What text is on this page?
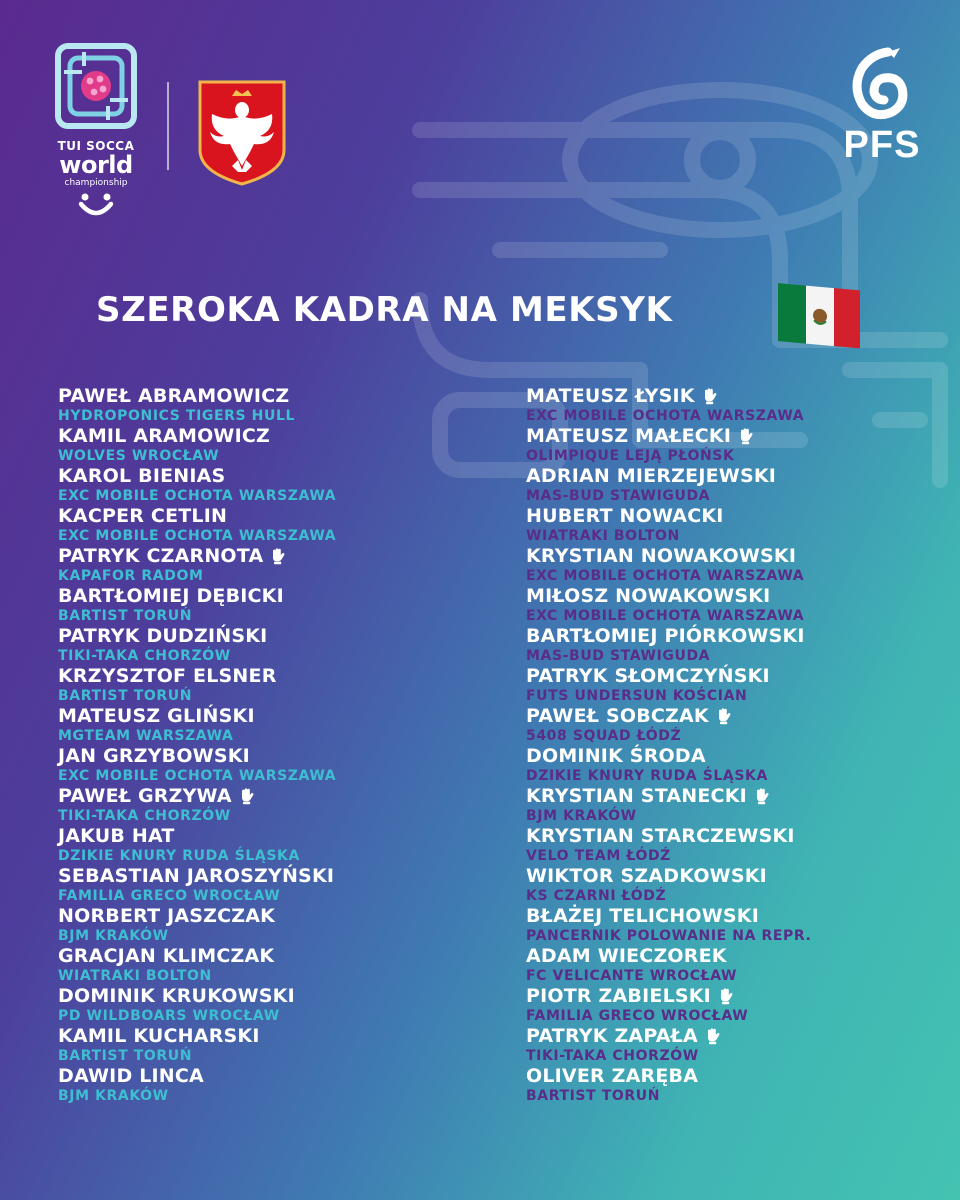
TUI SOCCA
world
championship
PFS
SZEROKA KADRA NA MEKSYK
PAWEŁ ABRAMOWICZ
HYDROPONICS TIGERS HULL
KAMIL ARAMOWICZ
WOLVES WROCŁAW
KAROL BIENIAS
EXC MOBILE OCHOTA WARSZAWA
KACPER CETLIN
EXC MOBILE OCHOTA WARSZAWA
PATRYK CZARNOTA
KAPAFOR RADOM
BARTŁOMIEJ DĘBICKI
BARTIST TORUŃ
PATRYK DUDZIŃSKI
TIKI-TAKA CHORZÓW
KRZYSZTOF ELSNER
BARTIST TORUŃ
MATEUSZ GLIŃSKI
MGTEAM WARSZAWA
JAN GRZYBOWSKI
EXC MOBILE OCHOTA WARSZAWA
PAWEŁ GRZYWA
TIKI-TAKA CHORZÓW
JAKUB HAT
DZIKIE KNURY RUDA ŚLĄSKA
SEBASTIAN JAROSZYŃSKI
FAMILIA GRECO WROCŁAW
NORBERT JASZCZAK
BJM KRAKÓW
GRACJAN KLIMCZAK
WIATRAKI BOLTON
DOMINIK KRUKOWSKI
PD WILDBOARS WROCŁAW
KAMIL KUCHARSKI
BARTIST TORUŃ
DAWID LINCA
BJM KRAKÓW
MATEUSZ ŁYSIK
EXC MOBILE OCHOTA WARSZAWA
MATEUSZ MAŁECKI
OLIMPIQUE LEJĄ PŁOŃSK
ADRIAN MIERZEJEWSKI
MAS-BUD STAWIGUDA
HUBERT NOWACKI
WIATRAKI BOLTON
KRYSTIAN NOWAKOWSKI
EXC MOBILE OCHOTA WARSZAWA
MIŁOSZ NOWAKOWSKI
EXC MOBILE OCHOTA WARSZAWA
BARTŁOMIEJ PIÓRKOWSKI
MAS-BUD STAWIGUDA
PATRYK SŁOMCZYŃSKI
FUTS UNDERSUN KOŚCIAN
PAWEŁ SOBCZAK
5408 SQUAD ŁÓDŹ
DOMINIK ŚRODA
DZIKIE KNURY RUDA ŚLĄSKA
KRYSTIAN STANECKI
BJM KRAKÓW
KRYSTIAN STARCZEWSKI
VELO TEAM ŁÓDŹ
WIKTOR SZADKOWSKI
KS CZARNI ŁÓDŹ
BŁAŻEJ TELICHOWSKI
PANCERNIK POLOWANIE NA REPR.
ADAM WIECZOREK
FC VELICANTE WROCŁAW
PIOTR ZABIELSKI
FAMILIA GRECO WROCŁAW
PATRYK ZAPAŁA
TIKI-TAKA CHORZÓW
OLIVER ZARĘBA
BARTIST TORUŃ
